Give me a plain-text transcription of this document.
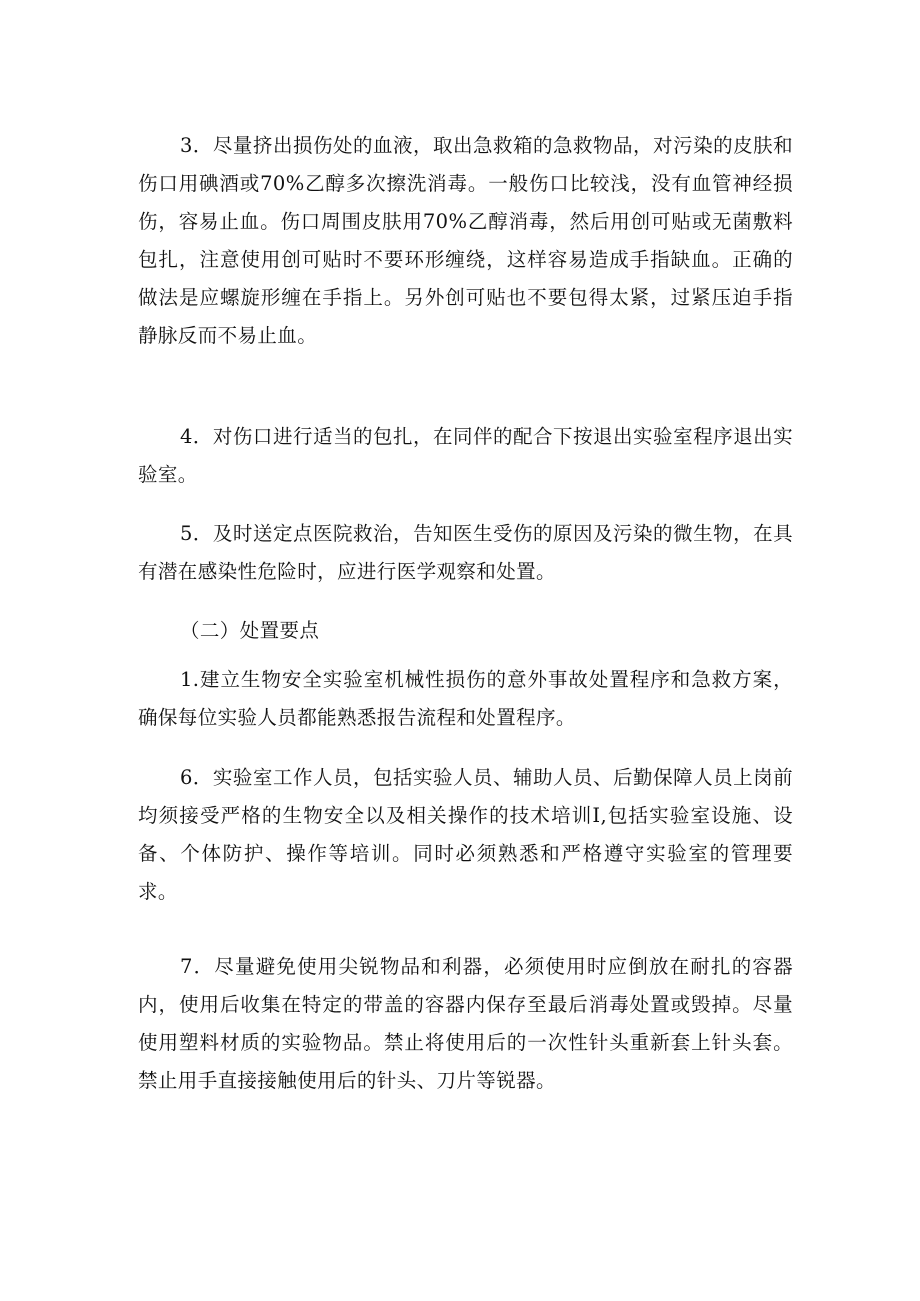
3．尽量挤出损伤处的血液，取出急救箱的急救物品，对污染的皮肤和伤口用碘酒或70%乙醇多次擦洗消毒。一般伤口比较浅，没有血管神经损伤，容易止血。伤口周围皮肤用70%乙醇消毒，然后用创可贴或无菌敷料包扎，注意使用创可贴时不要环形缠绕，这样容易造成手指缺血。正确的做法是应螺旋形缠在手指上。另外创可贴也不要包得太紧，过紧压迫手指静脉反而不易止血。

4．对伤口进行适当的包扎，在同伴的配合下按退出实验室程序退出实验室。

5．及时送定点医院救治，告知医生受伤的原因及污染的微生物，在具有潜在感染性危险时，应进行医学观察和处置。

（二）处置要点

1.建立生物安全实验室机械性损伤的意外事故处置程序和急救方案，确保每位实验人员都能熟悉报告流程和处置程序。

6．实验室工作人员，包括实验人员、辅助人员、后勤保障人员上岗前均须接受严格的生物安全以及相关操作的技术培训I,包括实验室设施、设备、个体防护、操作等培训。同时必须熟悉和严格遵守实验室的管理要求。

7．尽量避免使用尖锐物品和利器，必须使用时应倒放在耐扎的容器内，使用后收集在特定的带盖的容器内保存至最后消毒处置或毁掉。尽量使用塑料材质的实验物品。禁止将使用后的一次性针头重新套上针头套。禁止用手直接接触使用后的针头、刀片等锐器。
